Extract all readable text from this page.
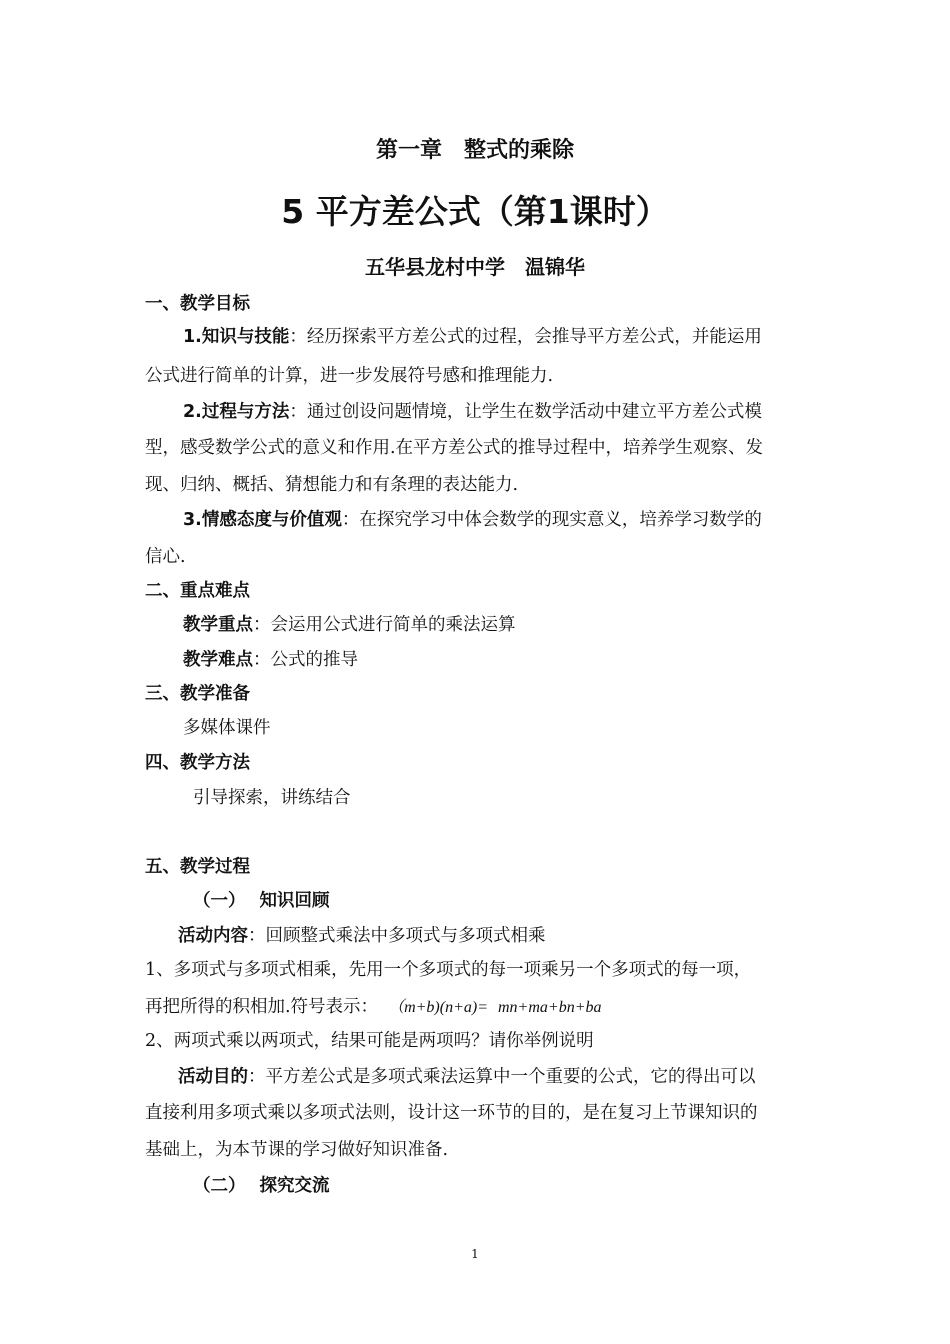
第一章　整式的乘除
5 平方差公式（第1课时）
五华县龙村中学　温锦华
一、教学目标
1.知识与技能：经历探索平方差公式的过程，会推导平方差公式，并能运用
公式进行简单的计算，进一步发展符号感和推理能力.
2.过程与方法：通过创设问题情境，让学生在数学活动中建立平方差公式模
型，感受数学公式的意义和作用.在平方差公式的推导过程中，培养学生观察、发
现、归纳、概括、猜想能力和有条理的表达能力.
3.情感态度与价值观：在探究学习中体会数学的现实意义，培养学习数学的
信心.
二、重点难点
教学重点：会运用公式进行简单的乘法运算
教学难点：公式的推导
三、教学准备
多媒体课件
四、教学方法
引导探索，讲练结合
五、教学过程
（一） 知识回顾
活动内容：回顾整式乘法中多项式与多项式相乘
1、多项式与多项式相乘，先用一个多项式的每一项乘另一个多项式的每一项，
再把所得的积相加.符号表示： （m+b)(n+a)= mn+ma+bn+ba
2、两项式乘以两项式，结果可能是两项吗？请你举例说明
活动目的：平方差公式是多项式乘法运算中一个重要的公式，它的得出可以
直接利用多项式乘以多项式法则，设计这一环节的目的，是在复习上节课知识的
基础上，为本节课的学习做好知识准备.
（二） 探究交流
1
